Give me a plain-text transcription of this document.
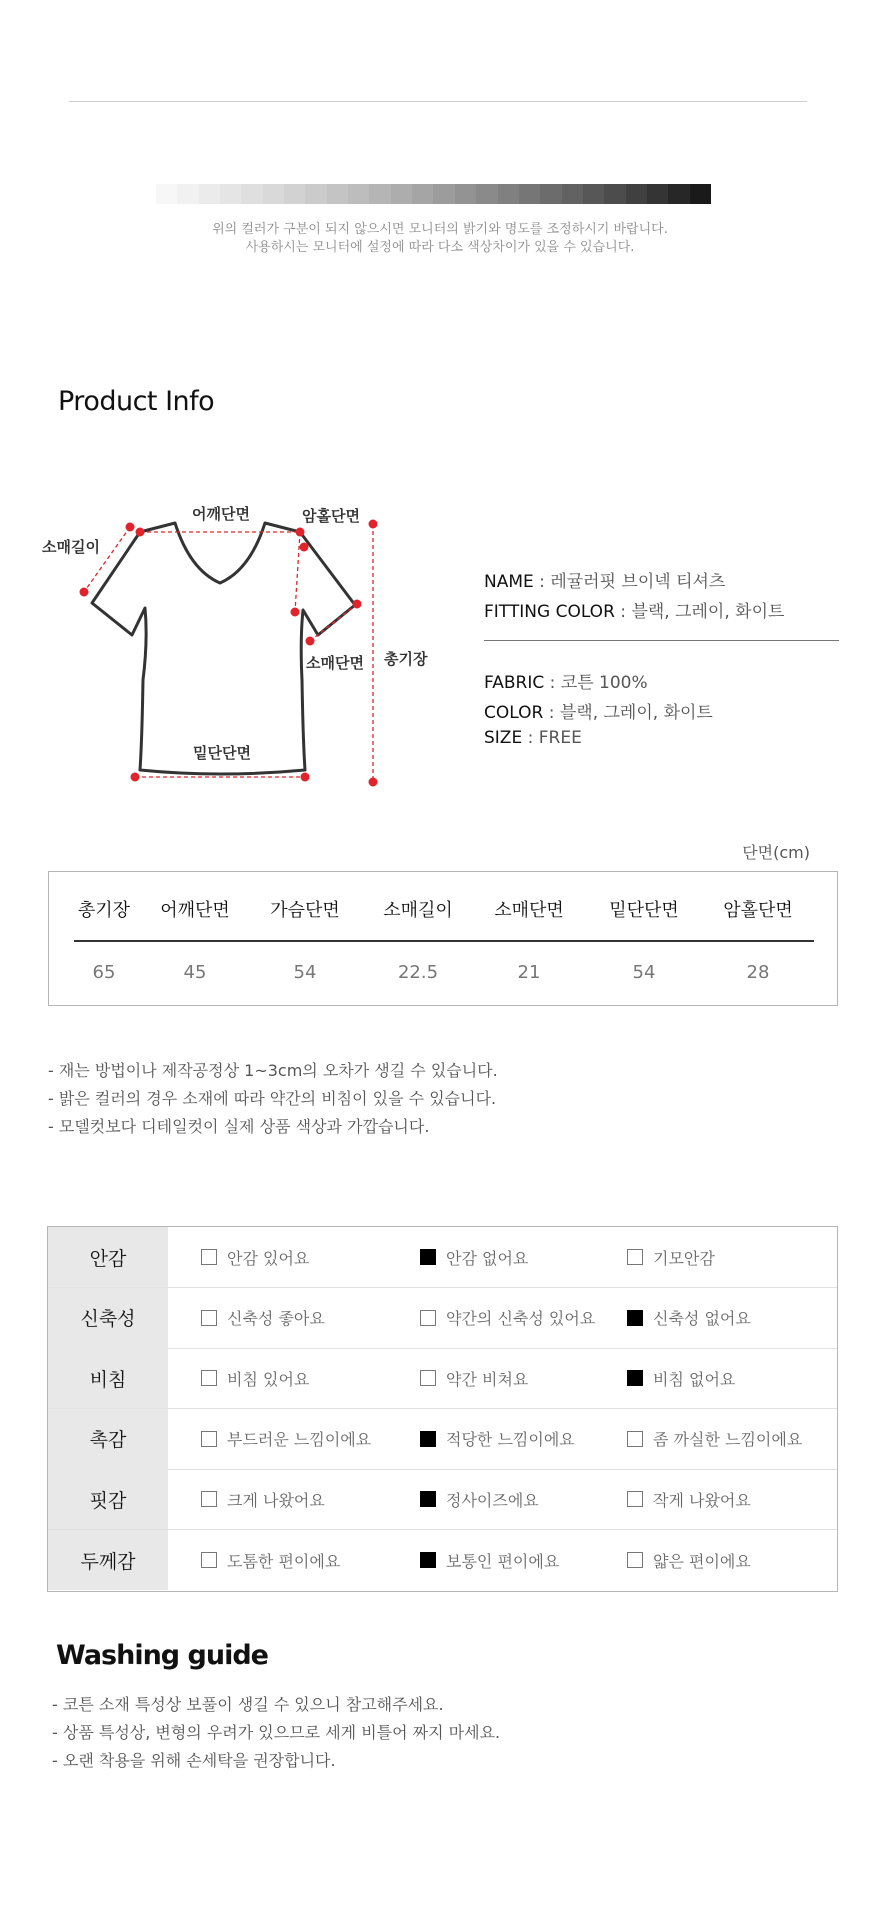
위의 컬러가 구분이 되지 않으시면 모니터의 밝기와 명도를 조정하시기 바랍니다.
사용하시는 모니터에 설정에 따라 다소 색상차이가 있을 수 있습니다.
Product Info
어깨단면	암홀단면
소매길이
소매단면 총기장
밑단단면
NAME : 레귤러핏 브이넥 티셔츠
FITTING COLOR : 블랙, 그레이, 화이트
FABRIC : 코튼 100%
COLOR : 블랙, 그레이, 화이트
SIZE : FREE
단면(cm)
총기장	어깨단면	가슴단면	소매길이	소매단면	밑단단면	암홀단면
65	45	54	22.5	21	54	28
- 재는 방법이나 제작공정상 1~3cm의 오차가 생길 수 있습니다.
- 밝은 컬러의 경우 소재에 따라 약간의 비침이 있을 수 있습니다.
- 모델컷보다 디테일컷이 실제 상품 색상과 가깝습니다.
안감	안감 있어요	안감 없어요	기모안감
신축성	신축성 좋아요	약간의 신축성 있어요	신축성 없어요
비침	비침 있어요	약간 비쳐요	비침 없어요
촉감	부드러운 느낌이에요	적당한 느낌이에요	좀 까실한 느낌이에요
핏감	크게 나왔어요	정사이즈에요	작게 나왔어요
두께감	도톰한 편이에요	보통인 편이에요	얇은 편이에요
Washing guide
- 코튼 소재 특성상 보풀이 생길 수 있으니 참고해주세요.
- 상품 특성상, 변형의 우려가 있으므로 세게 비틀어 짜지 마세요.
- 오랜 착용을 위해 손세탁을 권장합니다.
